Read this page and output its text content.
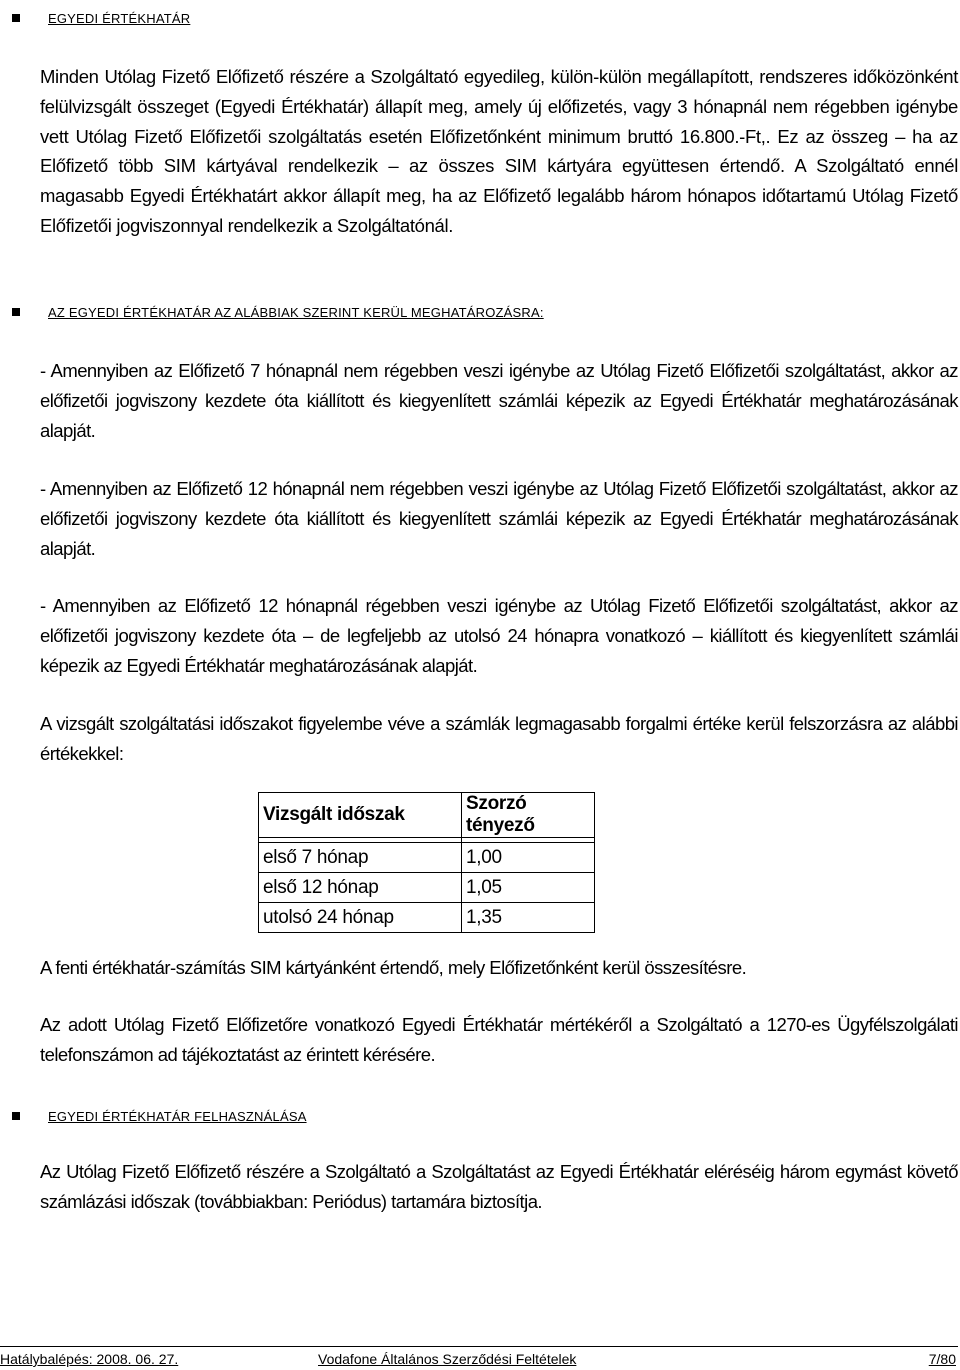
EGYEDI ÉRTÉKHATÁR
Minden Utólag Fizető Előfizető részére a Szolgáltató egyedileg, külön-külön megállapított, rendszeres időközönként felülvizsgált összeget (Egyedi Értékhatár) állapít meg, amely új előfizetés, vagy 3 hónapnál nem régebben igénybe vett Utólag Fizető Előfizetői szolgáltatás esetén Előfizetőnként minimum bruttó 16.800.-Ft,. Ez az összeg – ha az Előfizető több SIM kártyával rendelkezik – az összes SIM kártyára együttesen értendő. A Szolgáltató ennél magasabb Egyedi Értékhatárt akkor állapít meg, ha az Előfizető legalább három hónapos időtartamú Utólag Fizető Előfizetői jogviszonnyal rendelkezik a Szolgáltatónál.
AZ EGYEDI ÉRTÉKHATÁR AZ ALÁBBIAK SZERINT KERÜL MEGHATÁROZÁSRA:
- Amennyiben az Előfizető 7 hónapnál nem régebben veszi igénybe az Utólag Fizető Előfizetői szolgáltatást, akkor az előfizetői jogviszony kezdete óta kiállított és kiegyenlített számlái képezik az Egyedi Értékhatár meghatározásának alapját.
- Amennyiben az Előfizető 12 hónapnál nem régebben veszi igénybe az Utólag Fizető Előfizetői szolgáltatást, akkor az előfizetői jogviszony kezdete óta kiállított és kiegyenlített számlái képezik az Egyedi Értékhatár meghatározásának alapját.
- Amennyiben az Előfizető 12 hónapnál régebben veszi igénybe az Utólag Fizető Előfizetői szolgáltatást, akkor az előfizetői jogviszony kezdete óta – de legfeljebb az utolsó 24 hónapra vonatkozó – kiállított és kiegyenlített számlái képezik az Egyedi Értékhatár meghatározásának alapját.
A vizsgált szolgáltatási időszakot figyelembe véve a számlák legmagasabb forgalmi értéke kerül felszorzásra az alábbi értékekkel:
Vizsgált időszak	Szorzó tényező

első 7 hónap	1,00
első 12 hónap	1,05
utolsó 24 hónap	1,35
A fenti értékhatár-számítás SIM kártyánként értendő, mely Előfizetőnként kerül összesítésre.
Az adott Utólag Fizető Előfizetőre vonatkozó Egyedi Értékhatár mértékéről a Szolgáltató a 1270-es Ügyfélszolgálati telefonszámon ad tájékoztatást az érintett kérésére.
EGYEDI ÉRTÉKHATÁR FELHASZNÁLÁSA
Az Utólag Fizető Előfizető részére a Szolgáltató a Szolgáltatást az Egyedi Értékhatár eléréséig három egymást követő számlázási időszak (továbbiakban: Periódus) tartamára biztosítja.
Hatálybalépés: 2008. 06. 27.	Vodafone Általános Szerződési Feltételek	7/80
